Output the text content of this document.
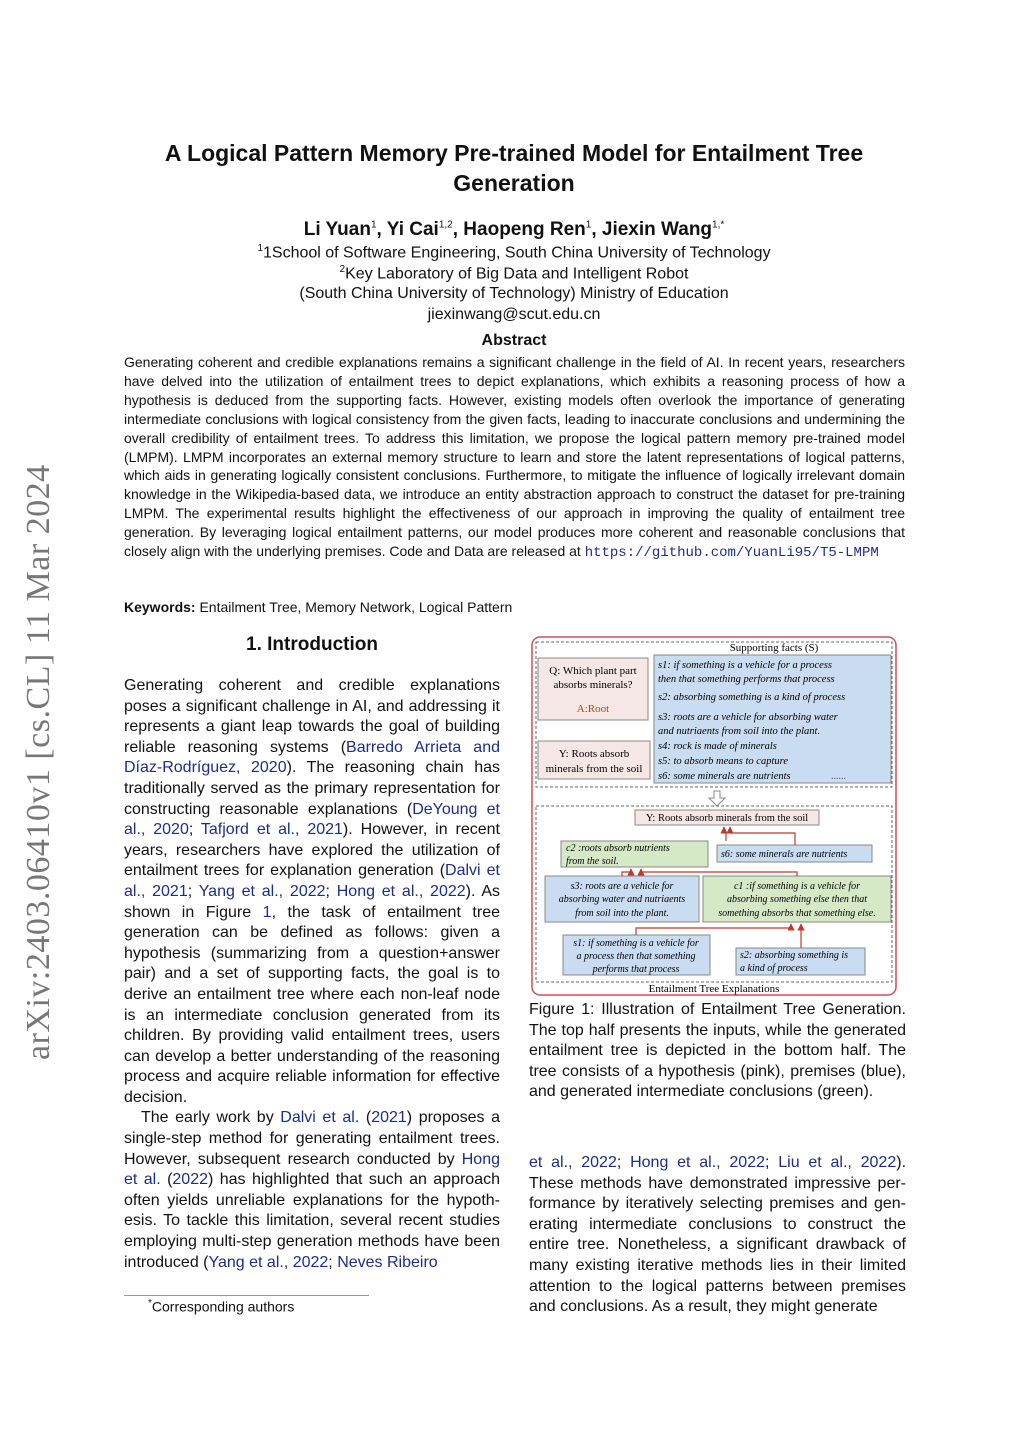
arXiv:2403.06410v1 [cs.CL] 11 Mar 2024
A Logical Pattern Memory Pre-trained Model for Entailment Tree
Generation
Li Yuan$^1$, Yi Cai$^{1,2}$, Haopeng Ren$^1$, Jiexin Wang$^{1,*}$
$^1$1School of Software Engineering, South China University of Technology
$^2$Key Laboratory of Big Data and Intelligent Robot
(South China University of Technology) Ministry of Education
jiexinwang@scut.edu.cn
Abstract
Generating coherent and credible explanations remains a significant challenge in the field of AI. In recent years, researchers have delved into the utilization of entailment trees to depict explanations, which exhibits a reasoning process of how a hypothesis is deduced from the supporting facts. However, existing models often overlook the importance of generating intermediate conclusions with logical consistency from the given facts, leading to inaccurate conclusions and undermining the overall credibility of entailment trees. To address this limitation, we propose the logical pattern memory pre-trained model (LMPM). LMPM incorporates an external memory structure to learn and store the latent representations of logical patterns, which aids in generating logically consistent conclusions. Furthermore, to mitigate the influence of logically irrelevant domain knowledge in the Wikipedia-based data, we introduce an entity abstraction approach to construct the dataset for pre-training LMPM. The experimental results highlight the effectiveness of our approach in improving the quality of entailment tree generation. By leveraging logical entailment patterns, our model produces more coherent and reasonable conclusions that closely align with the underlying premises. Code and Data are released at https://github.com/YuanLi95/T5-LMPM
Keywords: Entailment Tree, Memory Network, Logical Pattern
1. Introduction

Generating coherent and credible explanations poses a significant challenge in AI, and addressing it represents a giant leap towards the goal of building reliable reasoning systems (Barredo Arrieta and Díaz-Rodríguez, 2020). The reasoning chain has traditionally served as the primary representation for constructing reasonable explanations (DeYoung et al., 2020; Tafjord et al., 2021). However, in recent years, researchers have explored the utilization of entailment trees for explanation generation (Dalvi et al., 2021; Yang et al., 2022; Hong et al., 2022). As shown in Figure 1, the task of entailment tree generation can be defined as follows: given a hypothesis (summarizing from a question+answer pair) and a set of supporting facts, the goal is to derive an entailment tree where each non-leaf node is an intermediate conclusion generated from its children. By providing valid entailment trees, users can develop a better understanding of the reasoning process and acquire reliable information for effective decision.

The early work by Dalvi et al. (2021) proposes a single-step method for generating entailment trees. However, subsequent research conducted by Hong et al. (2022) has highlighted that such an approach often yields unreliable explanations for the hypothesis. To tackle this limitation, several recent studies employing multi-step generation methods have been introduced (Yang et al., 2022; Neves Ribeiro

*Corresponding authors
Supporting facts (S)
Q: Which plant part
absorbs minerals?
A:Root
Y: Roots absorb
minerals from the soil
s1: if something is a vehicle for a process
then that something performs that process
s2: absorbing something is a kind of process
s3: roots are a vehicle for absorbing water
and nutriaents from soil into the plant.
s4: rock is made of minerals
s5: to absorb means to capture
s6: some minerals are nutrients	......
Y: Roots absorb minerals from the soil
c2 :roots absorb nutrients
from the soil.
s6: some minerals are nutrients
s3: roots are a vehicle for
absorbing water and nutriaents
from soil into the plant.
c1 :if something is a vehicle for
absorbing something else then that
something absorbs that something else.
s1: if something is a vehicle for
a process then that something
performs that process
s2: absorbing something is
a kind of process
Entailment Tree Explanations
Figure 1: Illustration of Entailment Tree Generation. The top half presents the inputs, while the generated entailment tree is depicted in the bottom half. The tree consists of a hypothesis (pink), premises (blue), and generated intermediate conclusions (green).

et al., 2022; Hong et al., 2022; Liu et al., 2022). These methods have demonstrated impressive performance by iteratively selecting premises and generating intermediate conclusions to construct the entire tree. Nonetheless, a significant drawback of many existing iterative methods lies in their limited attention to the logical patterns between premises and conclusions. As a result, they might generate
